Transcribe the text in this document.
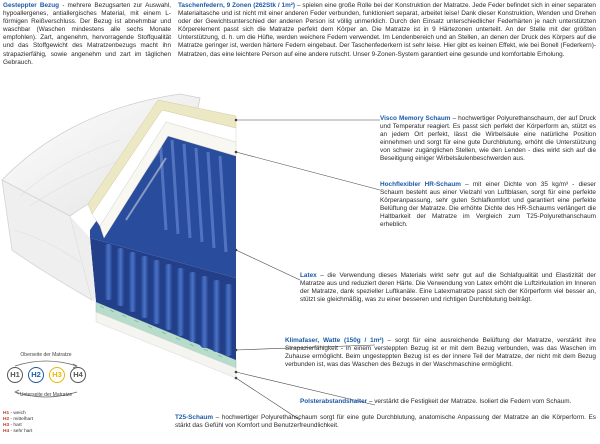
Gesteppter Bezug - mehrere Bezugsarten zur Auswahl, hypoallergenes, antiallergisches Material, mit einem L-förmigen Reißverschluss. Der Bezug ist abnehmbar und waschbar (Waschen mindestens alle sechs Monate empfohlen). Zart, angenehm, hervorragende Stoffqualität und das Stoffgewicht des Matratzenbezugs macht ihn strapazierfähig, sowie angenehm und zart im täglichen Gebrauch.
Taschenfedern, 9 Zonen (262Stk / 1m²) – spielen eine große Rolle bei der Konstruktion der Matratze. Jede Feder befindet sich in einer separaten Materialtasche und ist nicht mit einer anderen Feder verbunden, funktioniert separat, arbeitet leise! Dank dieser Konstruktion, Wenden und Drehen oder der Gewichtsunterschied der anderen Person ist völlig unmerklich. Durch den Einsatz unterschiedlicher Federhärten je nach unterstützten Körperelement passt sich die Matratze perfekt dem Körper an. Die Matratze ist in 9 Härtezonen unterteilt. An der Stelle mit der größten Unterstützung, d. h. um die Hüfte, werden weichere Federn verwendet. Im Lendenbereich und an Stellen, an denen der Druck des Körpers auf die Matratze geringer ist, werden härtere Federn eingebaut. Der Taschenfederkern ist sehr leise. Hier gibt es keinen Effekt, wie bei Bonell (Federkern)- Matratzen, das eine leichtere Person auf eine andere rutscht. Unser 9-Zonen-System garantiert eine gesunde und komfortable Erholung.
Visco Memory Schaum – hochwertiger Polyurethanschaum, der auf Druck und Temperatur reagiert. Es passt sich perfekt der Körperform an, stützt es an jedem Ort perfekt, lässt die Wirbelsäule eine natürliche Position einnehmen und sorgt für eine gute Durchblutung, erhöht die Unterstützung von schwer zugänglichen Stellen, wie den Lenden - dies wirkt sich auf die Beseitigung einiger Wirbelsäulenbeschwerden aus.
Hochflexibler HR-Schaum – mit einer Dichte von 35 kg/m³ - dieser Schaum besteht aus einer Vielzahl von Luftblasen, sorgt für eine perfekte Körperanpassung, sehr guten Schlafkomfort und garantiert eine perfekte Belüftung der Matratze. Die erhöhte Dichte des HR-Schaums verlängert die Haltbarkeit der Matratze im Vergleich zum T25-Polyurethanschaum erheblich.
Latex – die Verwendung dieses Materials wirkt sehr gut auf die Schlafqualität und Elastizität der Matratze aus und reduziert deren Härte. Die Verwendung von Latex erhöht die Luftzirkulation im Inneren der Matratze, dank spezieller Luftkanäle. Eine Latexmatratze passt sich der Körperform viel besser an, stützt sie gleichmäßig, was zu einer besseren und richtigen Durchblutung beiträgt.
Klimafaser, Watte (150g / 1m²) – sorgt für eine ausreichende Belüftung der Matratze, verstärkt ihre Strapazierfähigkeit - in einem versteppten Bezug ist er mit dem Bezug verbunden, was das Waschen im Zuhause ermöglicht. Beim ungesteppten Bezug ist es der innere Teil der Matratze, der nicht mit dem Bezug verbunden ist, was das Waschen des Bezugs in der Waschmaschine ermöglicht.
Polsterabstandshalter – verstärkt die Festigkeit der Matratze. Isoliert die Federn vom Schaum.
T25-Schaum – hochwertiger Polyurethanschaum sorgt für eine gute Durchblutung, anatomische Anpassung der Matratze an die Körperform. Es stärkt das Gefühl von Komfort und Benutzerfreundlichkeit.
Oberseite der Matratze
H1	H2	H3	H4
Unterseite der Matratze
H1 - weich
H2 - mittelhart
H3 - hart
H4 - sehr hart
